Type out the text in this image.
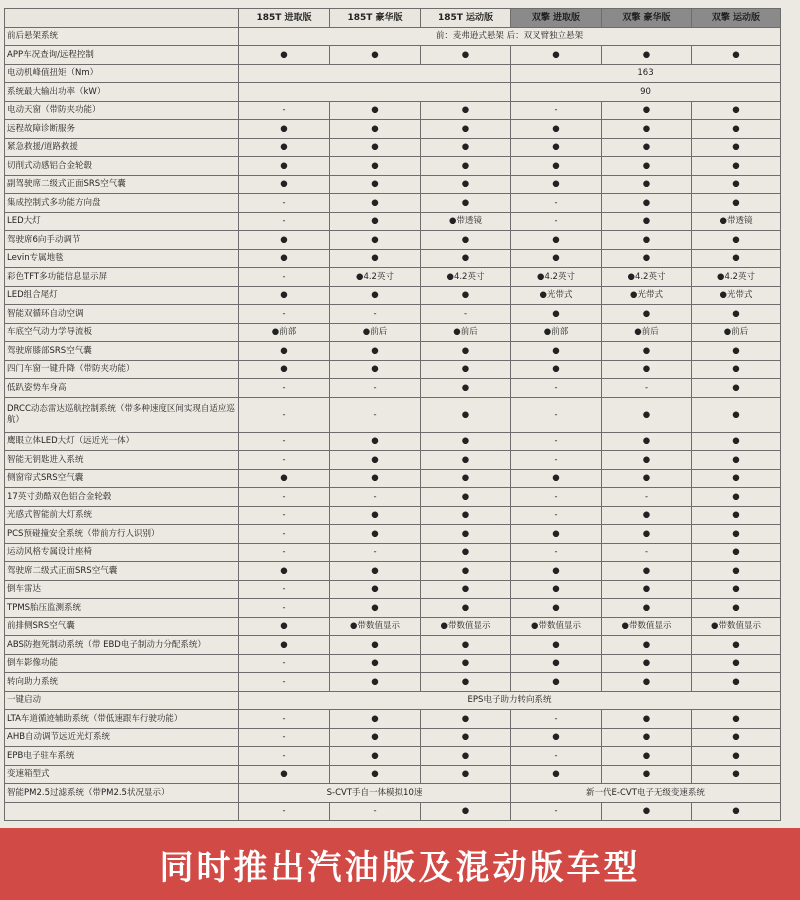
	185T 进取版	185T 豪华版	185T 运动版	双擎 进取版	双擎 豪华版	双擎 运动版
前后悬架系统	前：麦弗逊式悬架 后：双叉臂独立悬架					
APP车况查询/远程控制	●	●	●	●	●	●
电动机峰值扭矩（Nm）				163		
系统最大输出功率（kW）				90		
电动天窗（带防夹功能）	-	●	●	-	●	●
远程故障诊断服务	●	●	●	●	●	●
紧急救援/道路救援	●	●	●	●	●	●
切削式动感铝合金轮毂	●	●	●	●	●	●
副驾驶席二级式正面SRS空气囊	●	●	●	●	●	●
集成控制式多功能方向盘	-	●	●	-	●	●
LED大灯	-	●	●带透镜	-	●	●带透镜
驾驶席6向手动调节	●	●	●	●	●	●
Levin专属地毯	●	●	●	●	●	●
彩色TFT多功能信息显示屏	-	●4.2英寸	●4.2英寸	●4.2英寸	●4.2英寸	●4.2英寸
LED组合尾灯	●	●	●	●光带式	●光带式	●光带式
智能双循环自动空调	-	-	-	●	●	●
车底空气动力学导流板	●前部	●前后	●前后	●前部	●前后	●前后
驾驶席膝部SRS空气囊	●	●	●	●	●	●
四门车窗一键升降（带防夹功能）	●	●	●	●	●	●
低趴姿势车身高	-	-	●	-	-	●
DRCC动态雷达巡航控制系统（带多种速度区间实现自适应巡航）	-	-	●	-	●	●
鹰眼立体LED大灯（远近光一体）	-	●	●	-	●	●
智能无钥匙进入系统	-	●	●	-	●	●
侧窗帘式SRS空气囊	●	●	●	●	●	●
17英寸劲酷双色铝合金轮毂	-	-	●	-	-	●
光感式智能前大灯系统	-	●	●	-	●	●
PCS预碰撞安全系统（带前方行人识别）	-	●	●	●	●	●
运动风格专属设计座椅	-	-	●	-	-	●
驾驶席二级式正面SRS空气囊	●	●	●	●	●	●
倒车雷达	-	●	●	●	●	●
TPMS胎压监测系统	-	●	●	●	●	●
前排侧SRS空气囊	●	●带数值显示	●带数值显示	●带数值显示	●带数值显示	●带数值显示
ABS防抱死制动系统（带 EBD电子制动力分配系统）	●	●	●	●	●	●
倒车影像功能	-	●	●	●	●	●
转向助力系统	-	●	●	●	●	●
一键启动	EPS电子助力转向系统					
LTA车道循迹辅助系统（带低速跟车行驶功能）	-	●	●	-	●	●
AHB自动调节远近光灯系统	-	●	●	●	●	●
EPB电子驻车系统	-	●	●	-	●	●
变速箱型式	●	●	●	●	●	●
智能PM2.5过滤系统（带PM2.5状况显示）	S-CVT手自一体模拟10速			新一代E-CVT电子无级变速系统		
	-	-	●	-	●	●
同时推出汽油版及混动版车型
